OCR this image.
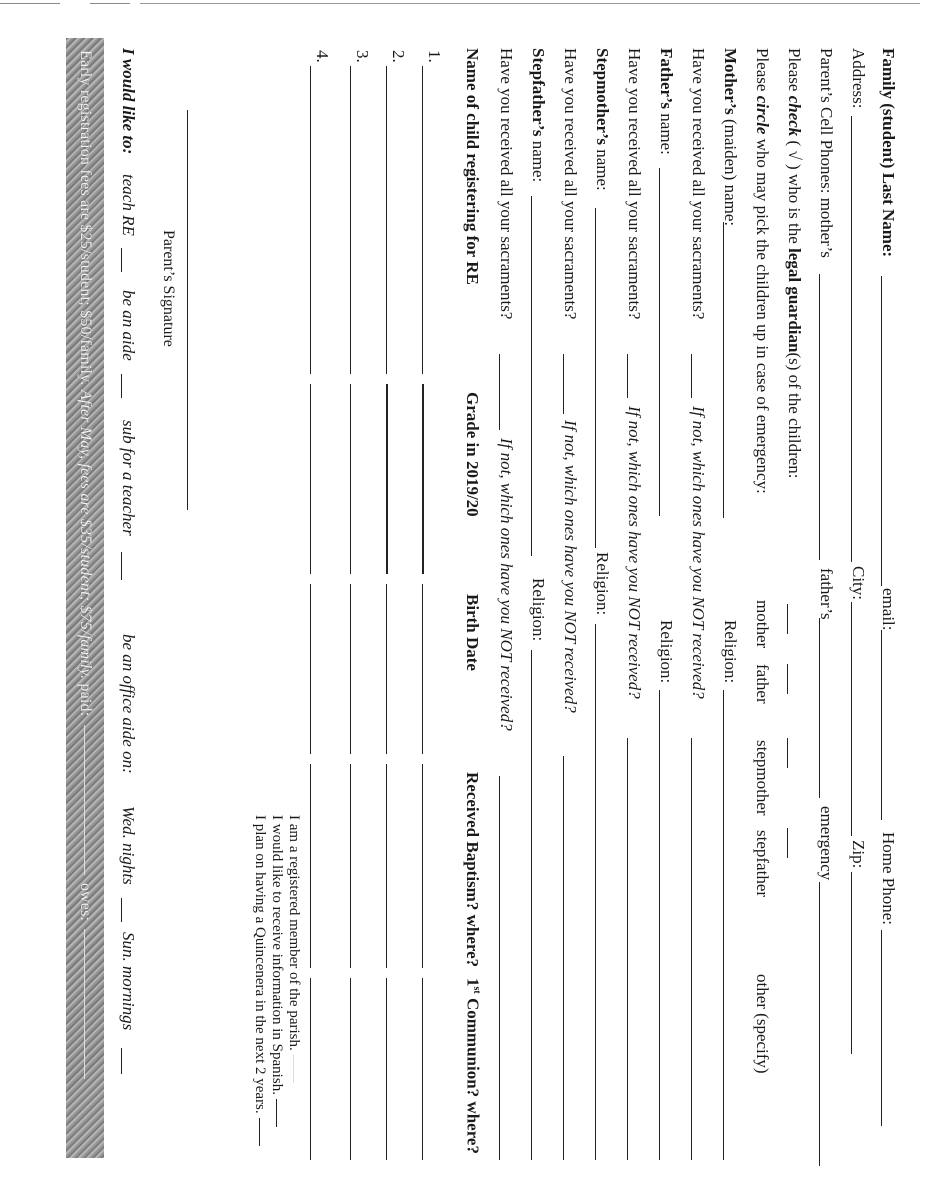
Family (student) Last Name:
email:
Home Phone:
Address:
City:
Zip:
Parent’s Cell Phones: mother’s
father’s
emergency
Please check ( √ ) who is the legal guardian(s) of the children:
Please circle who may pick the children up in case of emergency:
mother
father
stepmother
stepfather
other (specify)
Mother’s (maiden) name:
Religion:
Have you received all your sacraments?
If not, which ones have you NOT received?
Father’s name:
Religion:
Have you received all your sacraments?
If not, which ones have you NOT received?
Stepmother’s name:
Religion:
Have you received all your sacraments?
If not, which ones have you NOT received?
Stepfather’s name:
Religion:
Have you received all your sacraments?
If not, which ones have you NOT received?
Name of child registering for RE
Grade in 2019/20
Birth Date
Received Baptism? where?
1st Communion? where?
1.
2.
3.
4.
I am a registered member of the parish.
I would like to receive information in Spanish.
I plan on having a Quincenera in the next 2 years.
Parent’s Signature
I would like to:
teach RE
be an aide
sub for a teacher
be an office aide on:
Wed. nights
Sun. mornings
Early registration fees are $25/student; $50/family. After May, fees are $35/student; $75/family. paid:  owes:
